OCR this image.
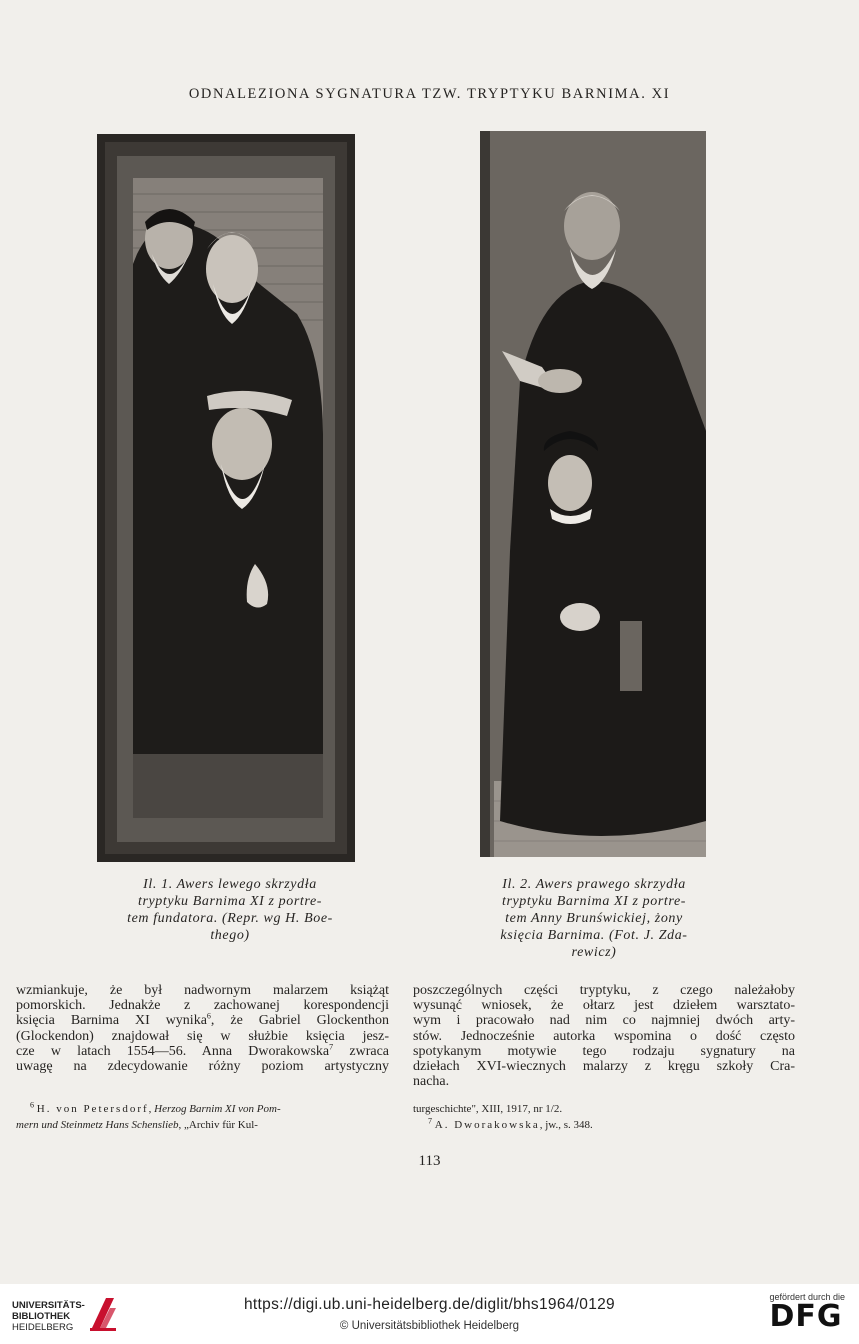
ODNALEZIONA SYGNATURA TZW. TRYPTYKU BARNIMA. XI
Il. 1. Awers lewego skrzydła
tryptyku Barnima XI z portre-
tem fundatora. (Repr. wg H. Boe-
thego)
Il. 2. Awers prawego skrzydła
tryptyku Barnima XI z portre-
tem Anny Brunświckiej, żony
księcia Barnima. (Fot. J. Zda-
rewicz)
wzmiankuje, że był nadwornym malarzem książąt
pomorskich. Jednakże z zachowanej korespondencji
księcia Barnima XI wynika$^6$, że Gabriel Glockenthon
(Glockendon) znajdował się w służbie księcia jesz-
cze w latach 1554—56. Anna Dworakowska$^7$ zwraca
uwagę na zdecydowanie różny poziom artystyczny
poszczególnych części tryptyku, z czego należałoby
wysunąć wniosek, że ołtarz jest dziełem warsztato-
wym i pracowało nad nim co najmniej dwóch arty-
stów. Jednocześnie autorka wspomina o dość często
spotykanym motywie tego rodzaju sygnatury na
dziełach XVI-wiecznych malarzy z kręgu szkoły Cra-
nacha.
$^6$ H. von Petersdorf, Herzog Barnim XI von Pom-
mern und Steinmetz Hans Schenslieb, „Archiv für Kul-
turgeschichte", XIII, 1917, nr 1/2.
$^7$ A. Dworakowska, jw., s. 348.
113
UNIVERSITÄTS-
BIBLIOTHEK
HEIDELBERG
https://digi.ub.uni-heidelberg.de/diglit/bhs1964/0129
© Universitätsbibliothek Heidelberg
gefördert durch die
DFG
